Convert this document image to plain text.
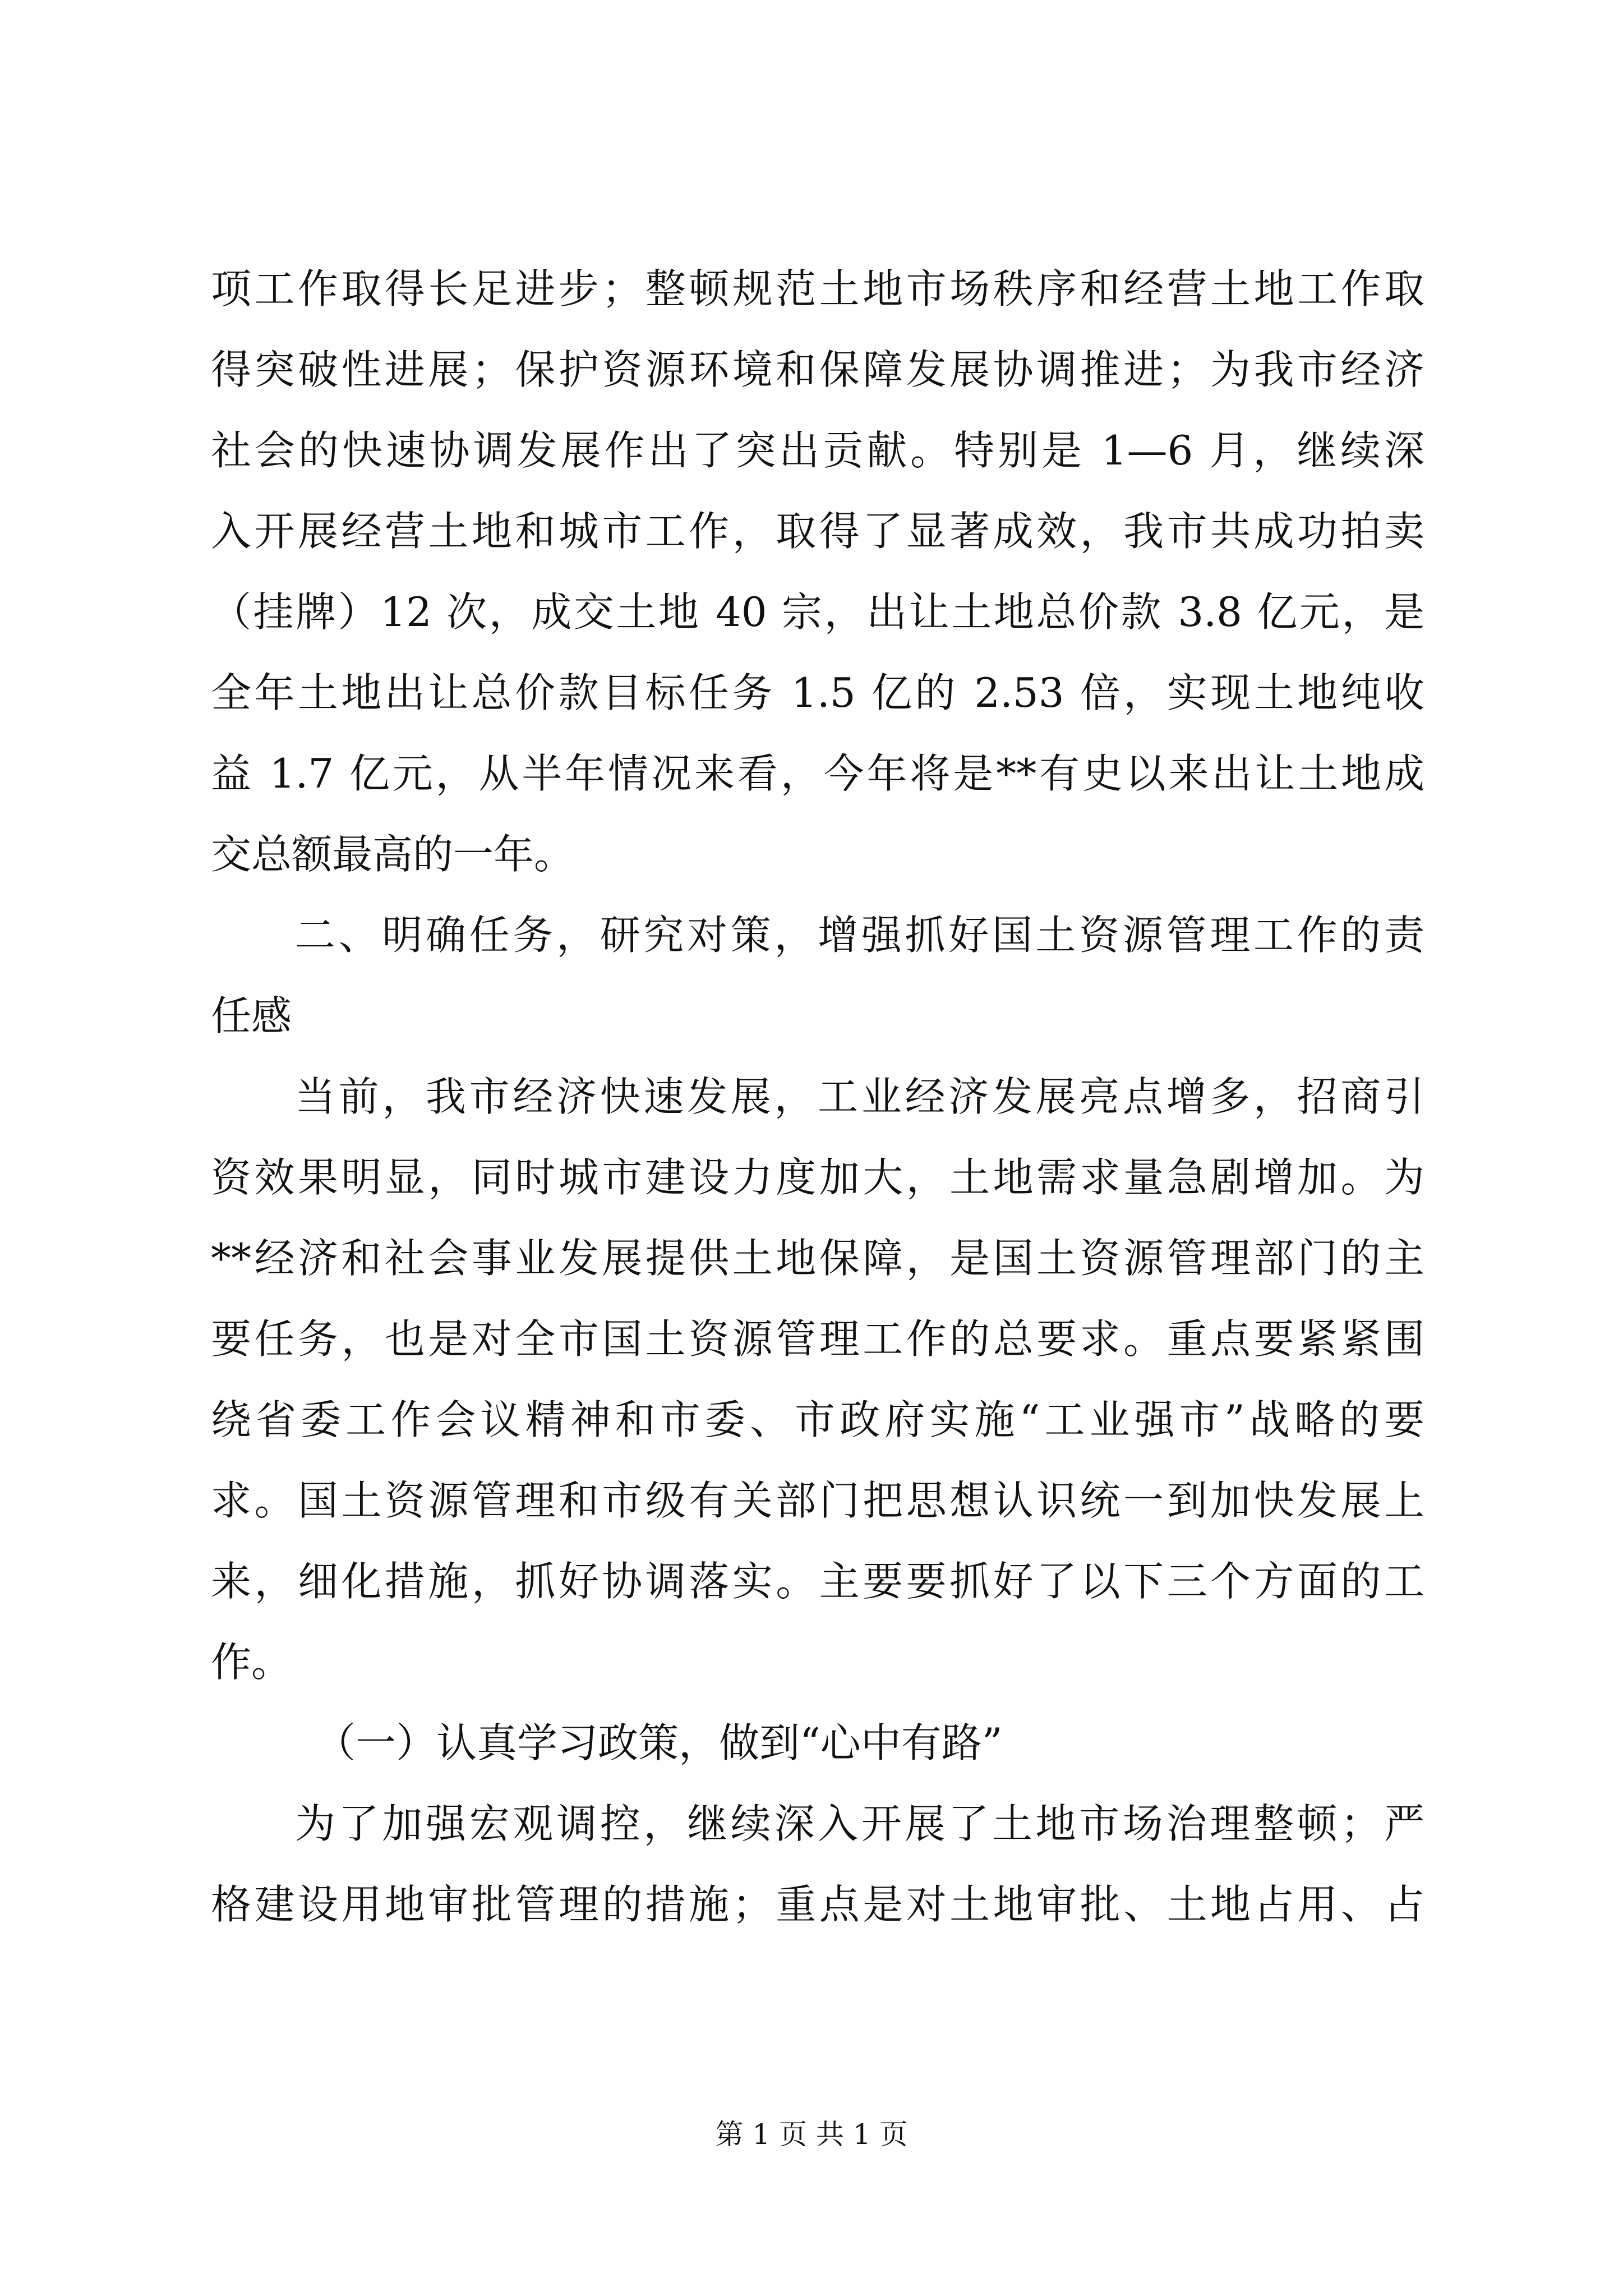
项工作取得长足进步；整顿规范土地市场秩序和经营土地工作取
得突破性进展；保护资源环境和保障发展协调推进；为我市经济
社会的快速协调发展作出了突出贡献。特别是 1—6 月，继续深
入开展经营土地和城市工作，取得了显著成效，我市共成功拍卖
（挂牌）12 次，成交土地 40 宗，出让土地总价款 3.8 亿元，是
全年土地出让总价款目标任务 1.5 亿的 2.53 倍，实现土地纯收
益 1.7 亿元，从半年情况来看，今年将是**有史以来出让土地成
交总额最高的一年。
二、明确任务，研究对策，增强抓好国土资源管理工作的责
任感
当前，我市经济快速发展，工业经济发展亮点增多，招商引
资效果明显，同时城市建设力度加大，土地需求量急剧增加。为
**经济和社会事业发展提供土地保障，是国土资源管理部门的主
要任务，也是对全市国土资源管理工作的总要求。重点要紧紧围
绕省委工作会议精神和市委、市政府实施“工业强市”战略的要
求。国土资源管理和市级有关部门把思想认识统一到加快发展上
来，细化措施，抓好协调落实。主要要抓好了以下三个方面的工
作。
（一）认真学习政策，做到“心中有路”
为了加强宏观调控，继续深入开展了土地市场治理整顿；严
格建设用地审批管理的措施；重点是对土地审批、土地占用、占
第 1 页 共 1 页
